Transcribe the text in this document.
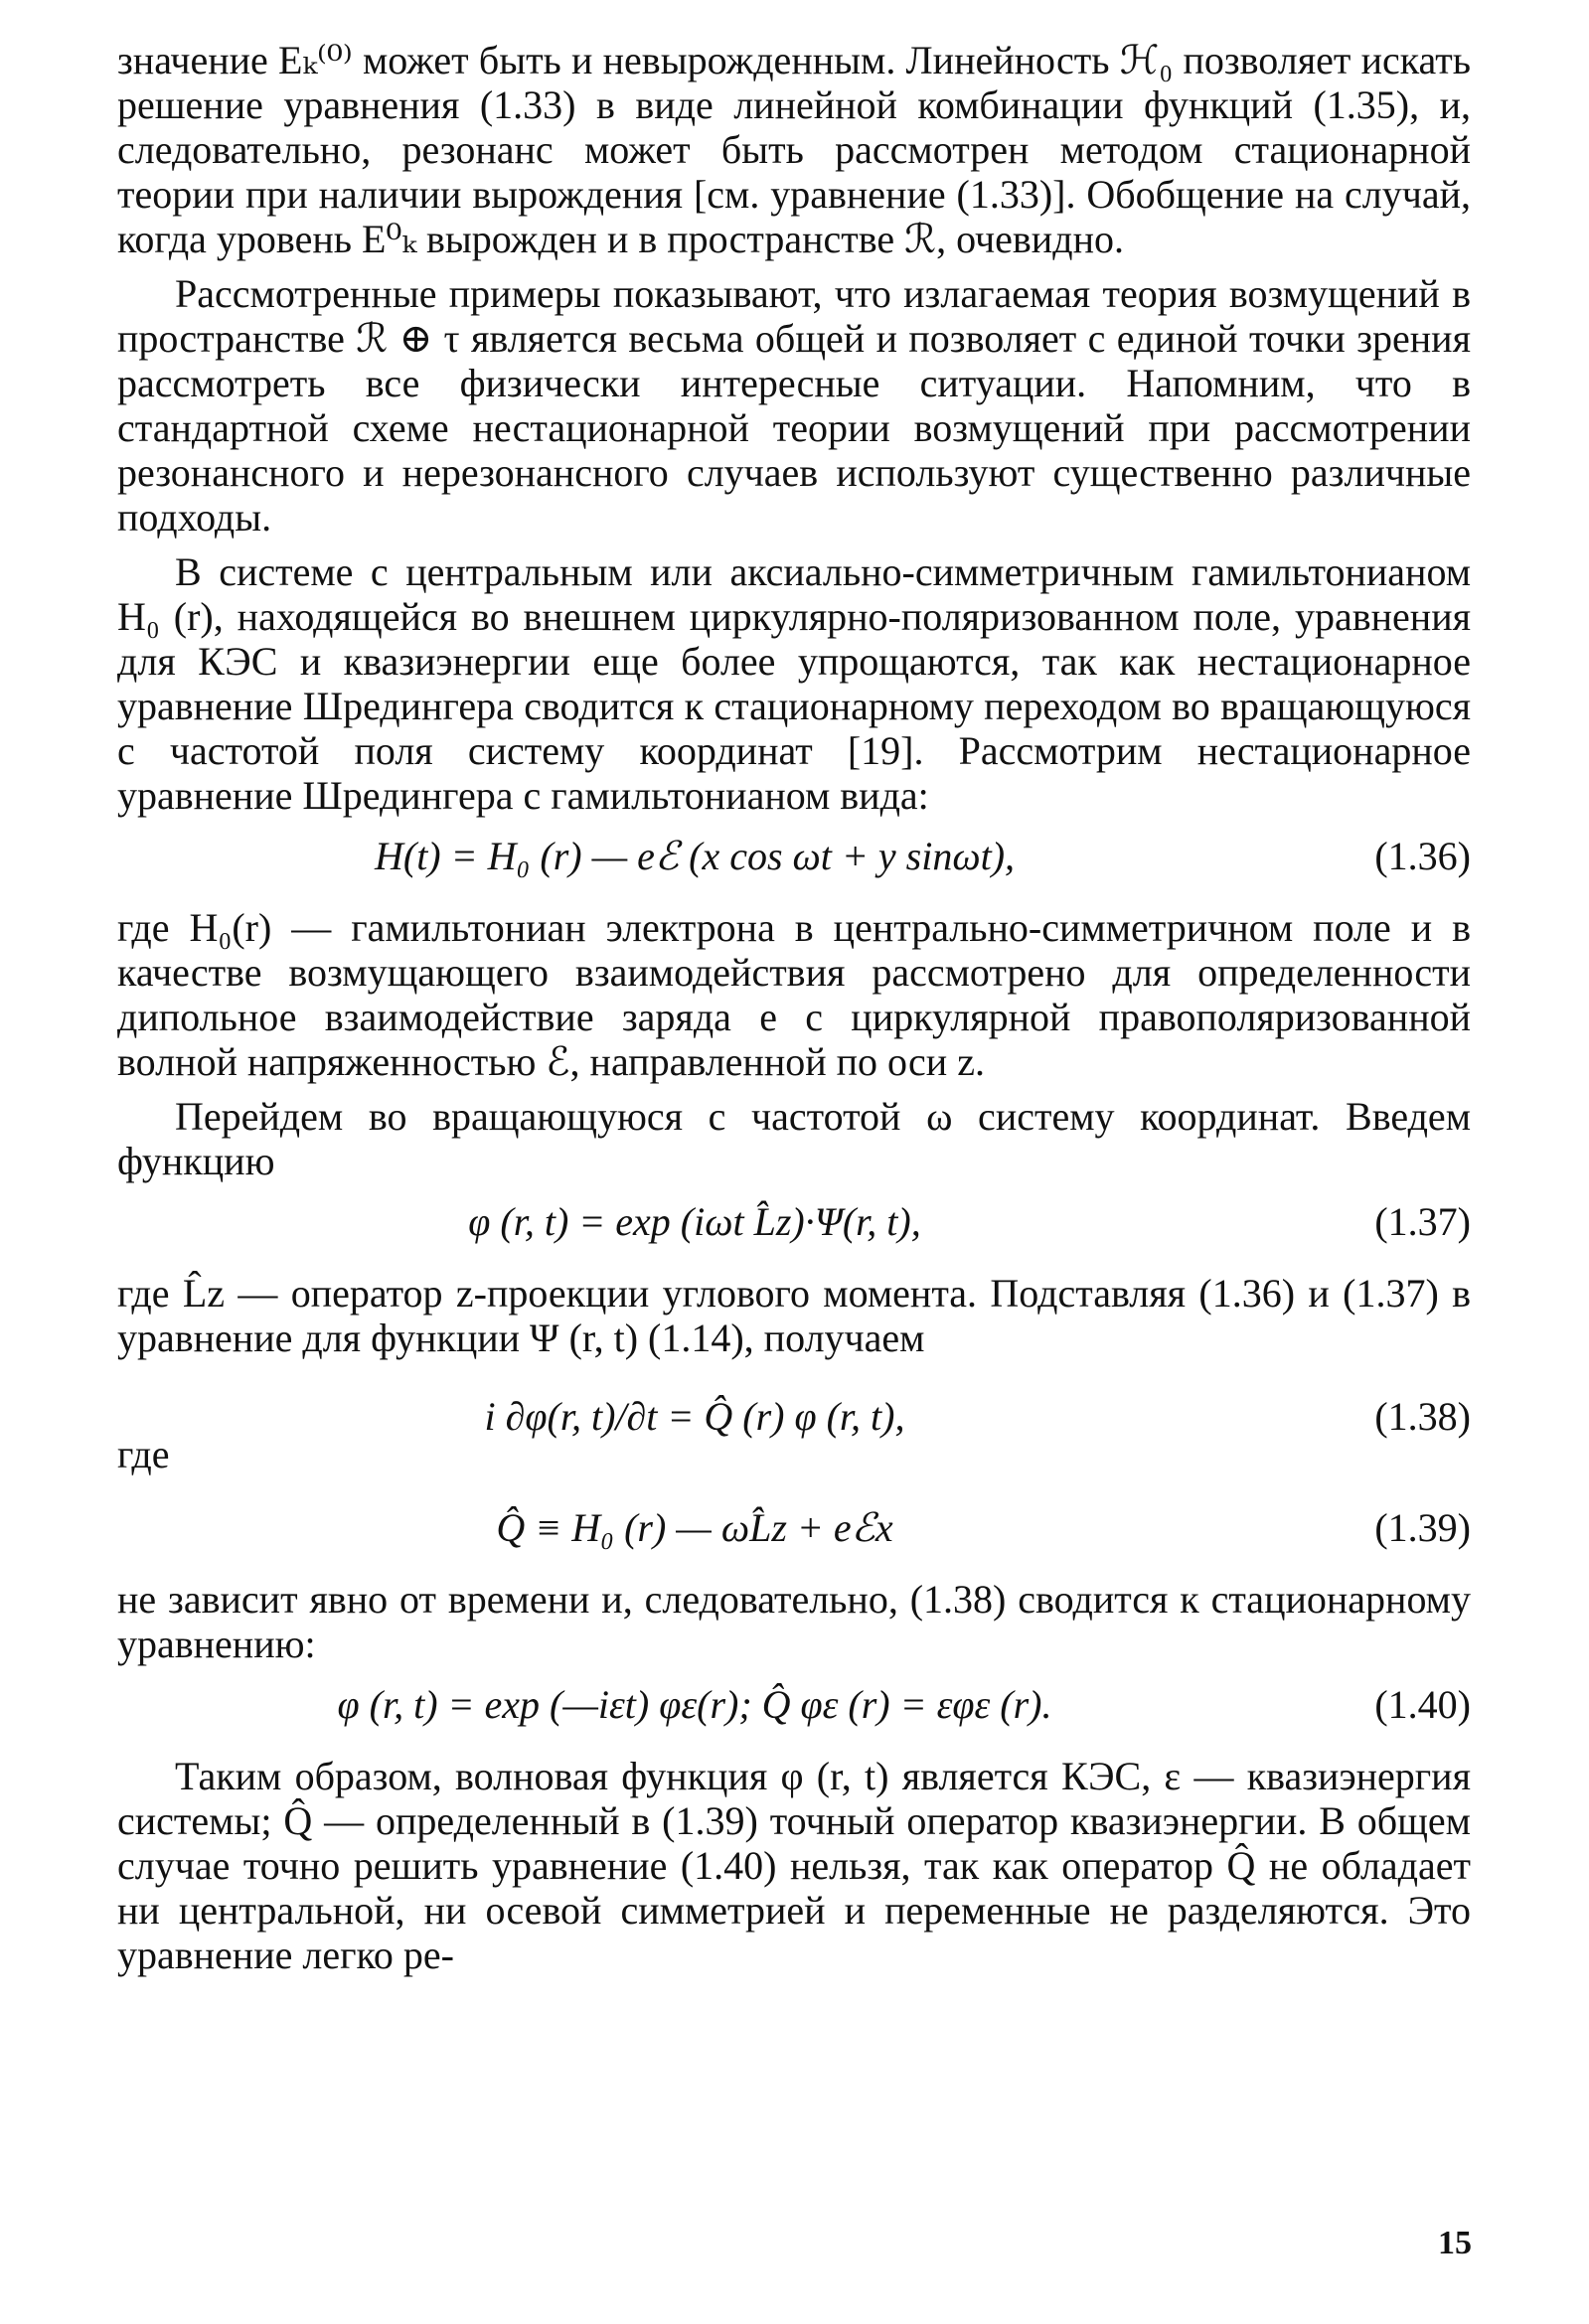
значение Eₖ⁽⁰⁾ может быть и невырожденным. Линейность ℋ₀ позволяет искать решение уравнения (1.33) в виде линейной комбинации функций (1.35), и, следовательно, резонанс может быть рассмотрен методом стационарной теории при наличии вырождения [см. уравнение (1.33)]. Обобщение на случай, когда уровень E⁰ₖ вырожден и в пространстве ℛ, очевидно.

Рассмотренные примеры показывают, что излагаемая теория возмущений в пространстве ℛ ⊕ τ является весьма общей и позволяет с единой точки зрения рассмотреть все физически интересные ситуации. Напомним, что в стандартной схеме нестационарной теории возмущений при рассмотрении резонансного и нерезонансного случаев используют существенно различные подходы.

В системе с центральным или аксиально-симметричным гамильтонианом H₀ (r), находящейся во внешнем циркулярно-поляризованном поле, уравнения для КЭС и квазиэнергии еще более упрощаются, так как нестационарное уравнение Шредингера сводится к стационарному переходом во вращающуюся с частотой поля систему координат [19]. Рассмотрим нестационарное уравнение Шредингера с гамильтонианом вида:

H(t) = H₀ (r) — eℰ (x cos ωt + y sinωt),	(1.36)

где H₀(r) — гамильтониан электрона в центрально-симметричном поле и в качестве возмущающего взаимодействия рассмотрено для определенности дипольное взаимодействие заряда e с циркулярной правополяризованной волной напряженностью ℰ, направленной по оси z.

Перейдем во вращающуюся с частотой ω систему координат. Введем функцию

φ (r, t) = exp (iωt L̂z)·Ψ(r, t),	(1.37)

где L̂z — оператор z-проекции углового момента. Подставляя (1.36) и (1.37) в уравнение для функции Ψ (r, t) (1.14), получаем

i ∂φ(r, t)/∂t = Q̂ (r) φ (r, t),	(1.38)
где
Q̂ ≡ H₀ (r) — ωL̂z + eℰx	(1.39)

не зависит явно от времени и, следовательно, (1.38) сводится к стационарному уравнению:

φ (r, t) = exp (—iεt) φε(r); Q̂ φε (r) = εφε (r).	(1.40)

Таким образом, волновая функция φ (r, t) является КЭС, ε — квазиэнергия системы; Q̂ — определенный в (1.39) точный оператор квазиэнергии. В общем случае точно решить уравнение (1.40) нельзя, так как оператор Q̂ не обладает ни центральной, ни осевой симметрией и переменные не разделяются. Это уравнение легко ре-

15
